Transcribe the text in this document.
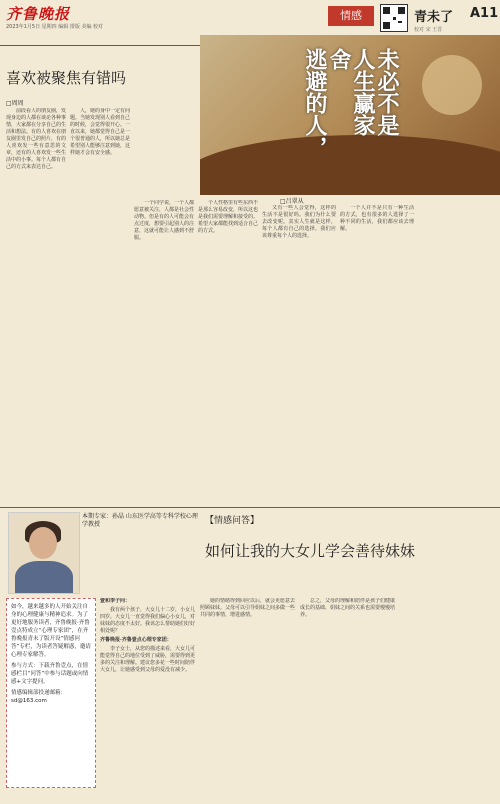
齐鲁晚报
2023年1月5日 星期四 编辑 排版 美编 校对
情感	青未了 A11
校对 宋 王晋
未必不是
人生赢家
舍
逃避的人，
喜欢被聚焦有错吗
□周周

前段看人的朋友圈，发现身边的人都在谈论各种事情，大家都在分享自己的生活和想法。有的人喜欢在朋友圈里发自己的照片，有的人喜欢发一些有意思的文章，还有的人喜欢发一些生活中的小事。每个人都有自己的方式来表达自己。

人，她的身中一定有问题。当她发现别人看到自己的时候，会觉得很开心。一直以来，她都觉得自己是一个很普通的人，所以她总是希望别人能够注意到她，这样她才会有安全感。

一个同学说，一个人都愿意被关注，人都是社会性动物。但是有的人可能会有点过度，想要引起别人的注意，这就可能让人感到不舒服。

个人性格里有些东西不是那么容易改变，所以这也是我们需要理解和接受的。希望大家都能找到适合自己的方式。

□吕翠从

又有一些人会觉得，这样的生活不是很好吗。我们为什么要去改变呢。其实人生就是这样，每个人都有自己的选择，我们应该尊重每个人的选择。

一个人并不是只有一种生活的方式，也有很多的人选择了一种不同的生活，我们都应该去理解。

本期专家：孙晶 山东医学高等专科学校心理学教授	【情感问答】
如何让我的大女儿学会善待妹妹

如今，越来越多的人开始关注自身的心理健康与精神追求。为了更好地服务读者，齐鲁晚报·齐鲁壹点特成立“心理专家团”，在齐鲁晚报青未了版开设“情感问答”专栏，为读者答疑解惑，邀请心理专家解答。

参与方式：下载齐鲁壹点，在情感栏目“问答”中参与话题或向情感+文字提问。

情感编辑部投递邮箱：sd@163.com

壹和李子问：

我有两个孩子，大女儿十二岁，小女儿四岁。大女儿一直觉得我们偏心小女儿，对妹妹的态度不太好。我该怎么帮助她们好好相处呢？

齐鲁晚报·齐鲁壹点心理专家团：

李子女士，从您的描述来看，大女儿可能觉得自己的地位受到了威胁，需要得到更多的关注和理解。建议您多花一些时间陪伴大女儿，让她感受到父母的爱没有减少。

她的情绪得到回应以后，就会更愿意去照顾妹妹。父母可以引导姐妹之间多做一些共同的事情，增进感情。

总之，父母的理解和陪伴是孩子们健康成长的基础，姐妹之间的关系也需要慢慢培养。
